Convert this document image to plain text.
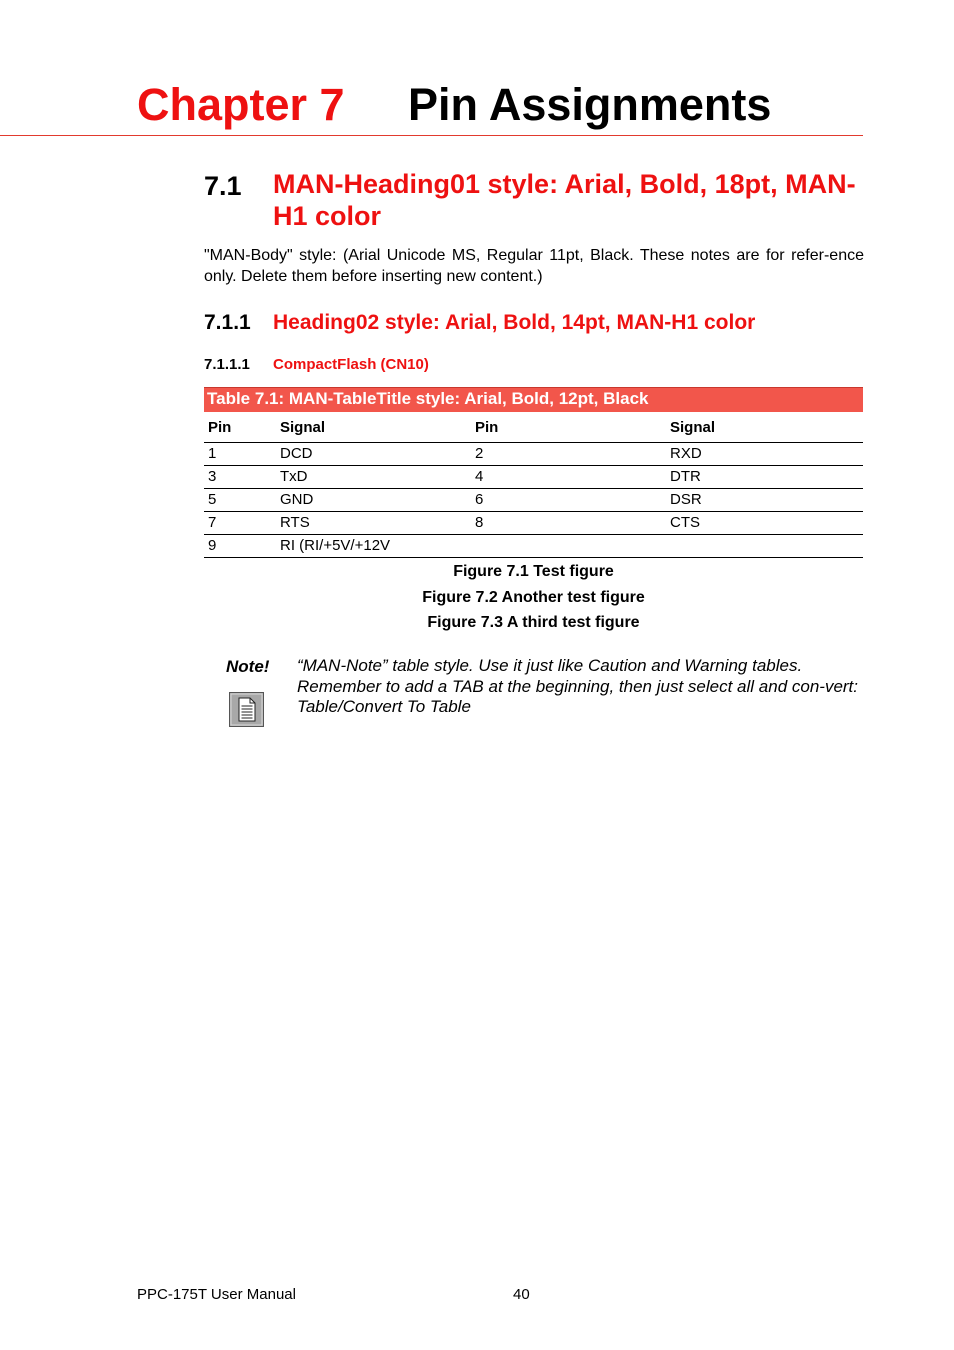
Chapter 7 Pin Assignments
7.1 MAN-Heading01 style: Arial, Bold, 18pt, MAN-H1 color
"MAN-Body" style: (Arial Unicode MS, Regular 11pt, Black. These notes are for refer-ence only. Delete them before inserting new content.)
7.1.1 Heading02 style: Arial, Bold, 14pt, MAN-H1 color
7.1.1.1 CompactFlash (CN10)
Table 7.1: MAN-TableTitle style: Arial, Bold, 12pt, Black
Pin	Signal	Pin	Signal
1	DCD	2	RXD
3	TxD	4	DTR
5	GND	6	DSR
7	RTS	8	CTS
9	RI (RI/+5V/+12V		
Figure 7.1 Test figure
Figure 7.2 Another test figure
Figure 7.3 A third test figure
Note! “MAN-Note” table style. Use it just like Caution and Warning tables. Remember to add a TAB at the beginning, then just select all and con-vert: Table/Convert To Table
PPC-175T User Manual	40
